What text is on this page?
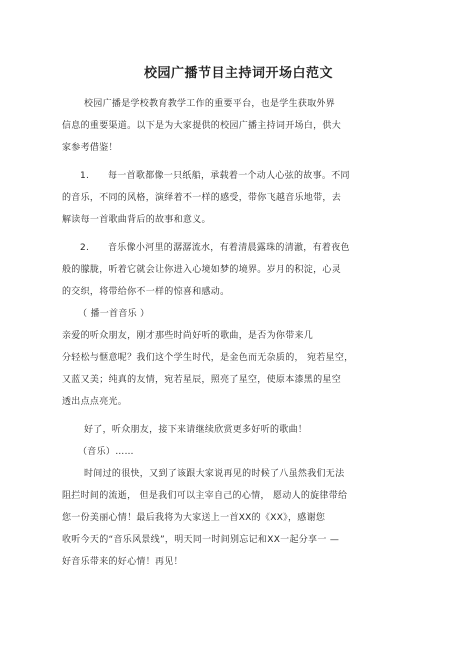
校园广播节目主持词开场白范文
校园广播是学校教育教学工作的重要平台，也是学生获取外界
信息的重要渠道。以下是为大家提供的校园广播主持词开场白，供大
家参考借鉴！
1. 每一首歌都像一只纸船，承载着一个动人心弦的故事。不同
的音乐，不同的风格，演绎着不一样的感受，带你飞越音乐地带，去
解读每一首歌曲背后的故事和意义。
2. 音乐像小河里的潺潺流水，有着清晨露珠的清澈，有着夜色
般的朦胧，听着它就会让你进入心境如梦的境界。岁月的积淀，心灵
的交织，将带给你不一样的惊喜和感动。
（ 播一首音乐 ）
亲爱的听众朋友，刚才那些时尚好听的歌曲，是否为你带来几
分轻松与惬意呢？我们这个学生时代，是金色而无杂质的， 宛若星空，
又蓝又美；纯真的友情，宛若星辰，照亮了星空，使原本漆黑的星空
透出点点亮光。
好了，听众朋友，接下来请继续欣赏更多好听的歌曲！
（音乐）……
时间过的很快，又到了该跟大家说再见的时候了八虽然我们无法
阻拦时间的流逝， 但是我们可以主宰自己的心情， 愿动人的旋律带给
您一份美丽心情！最后我将为大家送上一首XX的《XX》，感谢您
收听今天的“音乐风景线”，明天同一时间别忘记和XX一起分享一 —
好音乐带来的好心情！再见！
